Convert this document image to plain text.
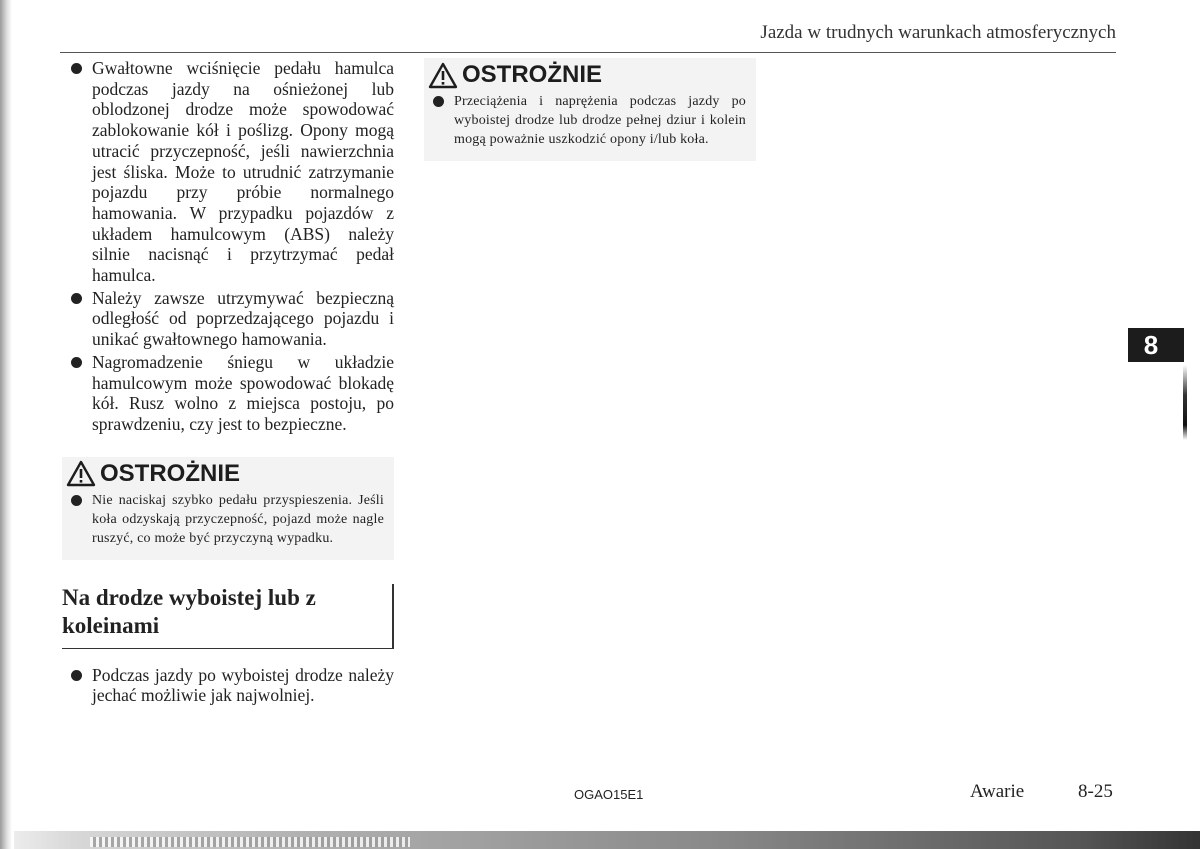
Jazda w trudnych warunkach atmosferycznych
Gwałtowne wciśnięcie pedału hamulca podczas jazdy na ośnieżonej lub oblodzonej drodze może spowodować zablokowanie kół i poślizg. Opony mogą utracić przyczepność, jeśli nawierzchnia jest śliska. Może to utrudnić zatrzymanie pojazdu przy próbie normalnego hamowania. W przypadku pojazdów z układem hamulcowym (ABS) należy silnie nacisnąć i przytrzymać pedał hamulca.
Należy zawsze utrzymywać bezpieczną odległość od poprzedzającego pojazdu i unikać gwałtownego hamowania.
Nagromadzenie śniegu w układzie hamulcowym może spowodować blokadę kół. Rusz wolno z miejsca postoju, po sprawdzeniu, czy jest to bezpieczne.
OSTROŻNIE
Nie naciskaj szybko pedału przyspieszenia. Jeśli koła odzyskają przyczepność, pojazd może nagle ruszyć, co może być przyczyną wypadku.
Na drodze wyboistej lub z koleinami
Podczas jazdy po wyboistej drodze należy jechać możliwie jak najwolniej.
OSTROŻNIE
Przeciążenia i naprężenia podczas jazdy po wyboistej drodze lub drodze pełnej dziur i kolein mogą poważnie uszkodzić opony i/lub koła.
8
OGAO15E1	Awarie	8-25
